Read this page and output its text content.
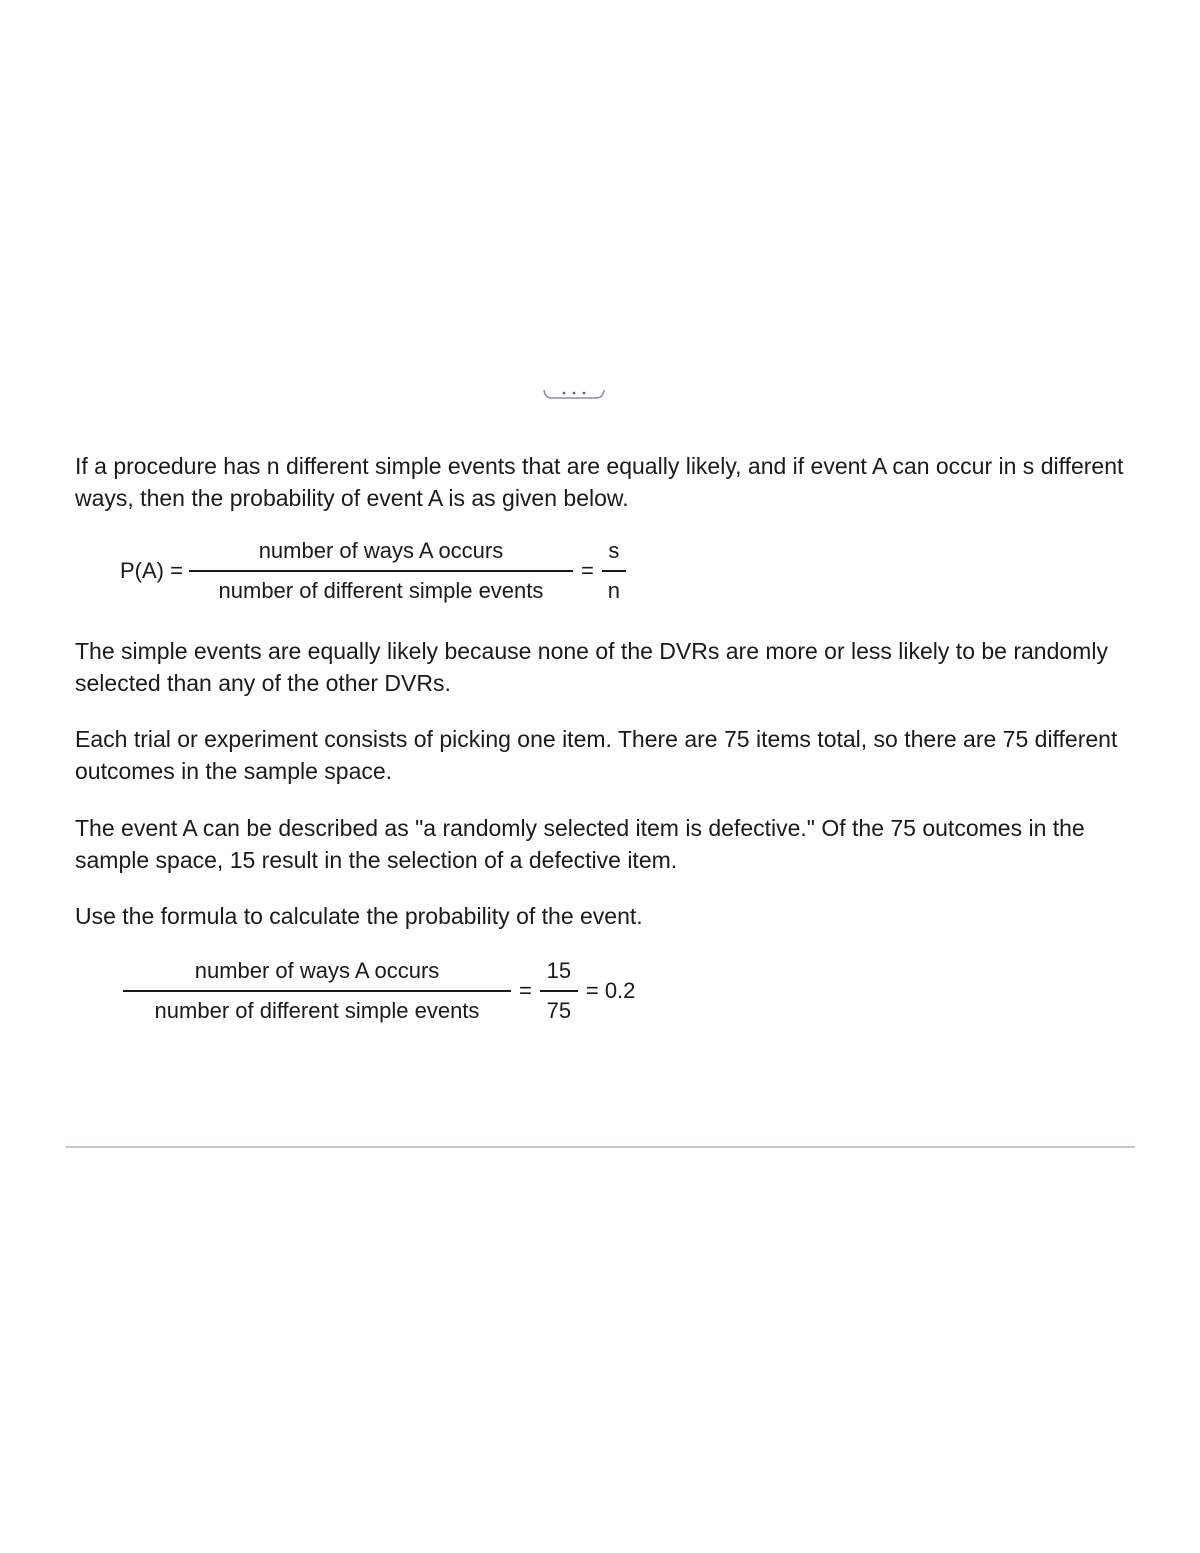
If a procedure has n different simple events that are equally likely, and if event A can occur in s different ways, then the probability of event A is as given below.

$P(A) = \frac{\text{number of ways A occurs}}{\text{number of different simple events}} = \frac{s}{n}$

The simple events are equally likely because none of the DVRs are more or less likely to be randomly selected than any of the other DVRs.

Each trial or experiment consists of picking one item. There are 75 items total, so there are 75 different outcomes in the sample space.

The event A can be described as "a randomly selected item is defective." Of the 75 outcomes in the sample space, 15 result in the selection of a defective item.

Use the formula to calculate the probability of the event.

$\frac{\text{number of ways A occurs}}{\text{number of different simple events}} = \frac{15}{75} = 0.2$
